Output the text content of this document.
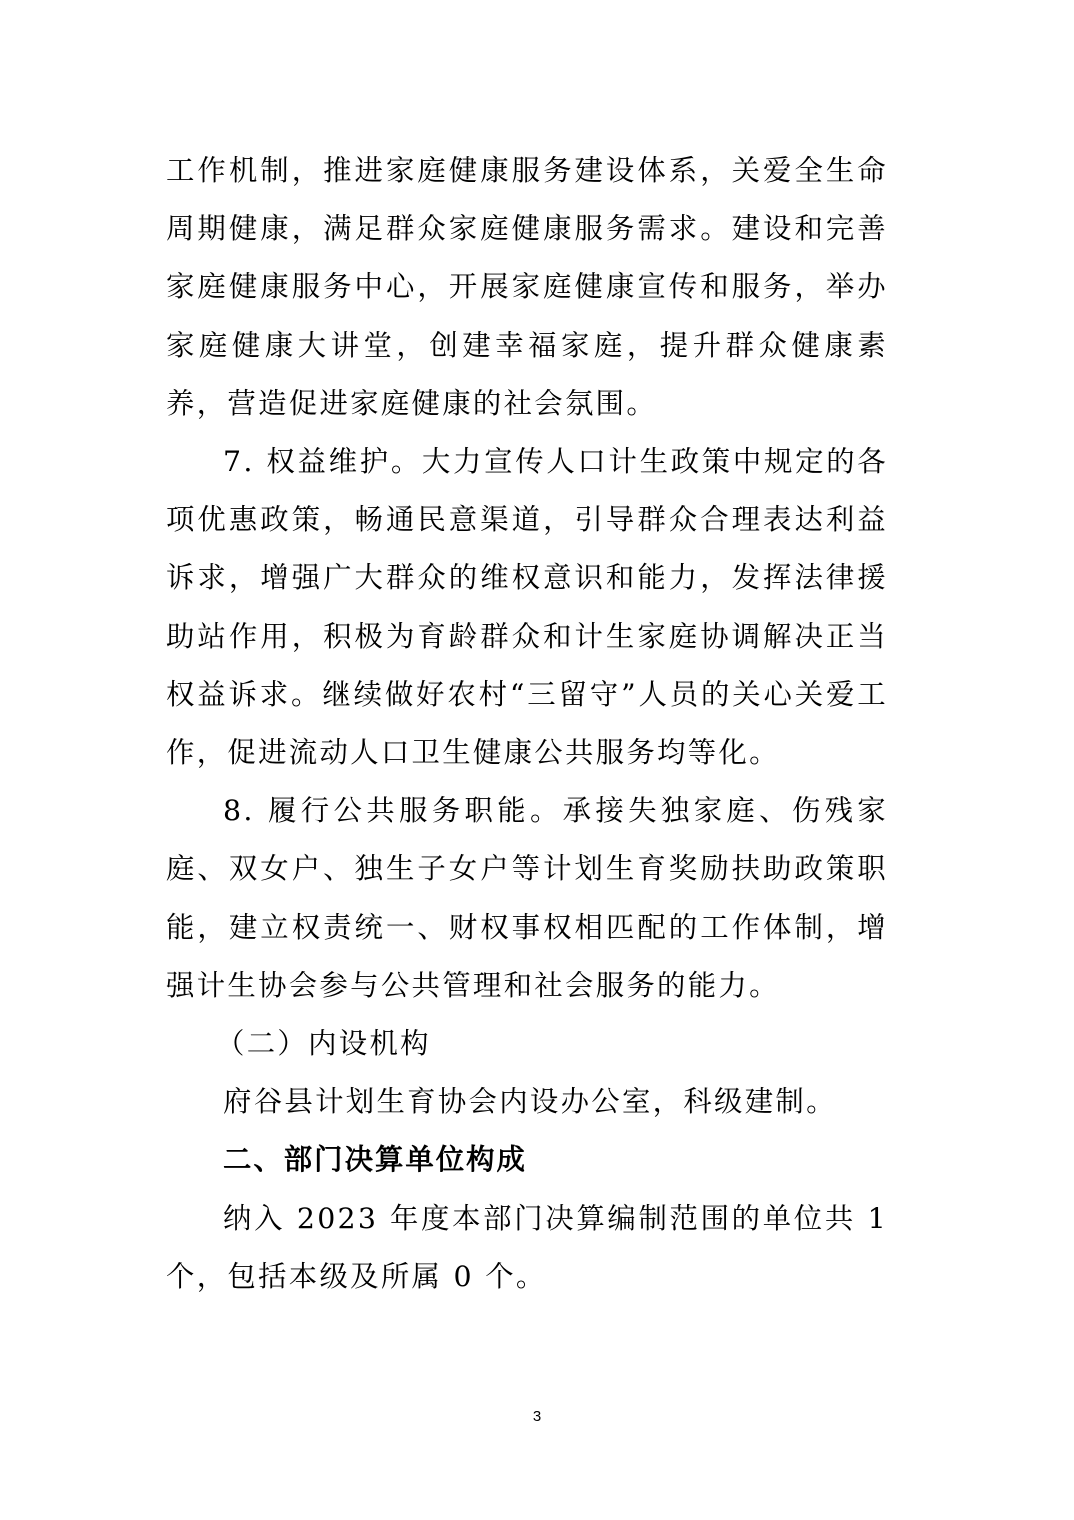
工作机制，推进家庭健康服务建设体系，关爱全生命周期健康，满足群众家庭健康服务需求。建设和完善家庭健康服务中心，开展家庭健康宣传和服务，举办家庭健康大讲堂，创建幸福家庭，提升群众健康素养，营造促进家庭健康的社会氛围。

7. 权益维护。大力宣传人口计生政策中规定的各项优惠政策，畅通民意渠道，引导群众合理表达利益诉求，增强广大群众的维权意识和能力，发挥法律援助站作用，积极为育龄群众和计生家庭协调解决正当权益诉求。继续做好农村“三留守”人员的关心关爱工作，促进流动人口卫生健康公共服务均等化。

8. 履行公共服务职能。承接失独家庭、伤残家庭、双女户、独生子女户等计划生育奖励扶助政策职能，建立权责统一、财权事权相匹配的工作体制，增强计生协会参与公共管理和社会服务的能力。

（二）内设机构

府谷县计划生育协会内设办公室，科级建制。

二、部门决算单位构成

纳入 2023 年度本部门决算编制范围的单位共 1 个，包括本级及所属 0 个。

3
